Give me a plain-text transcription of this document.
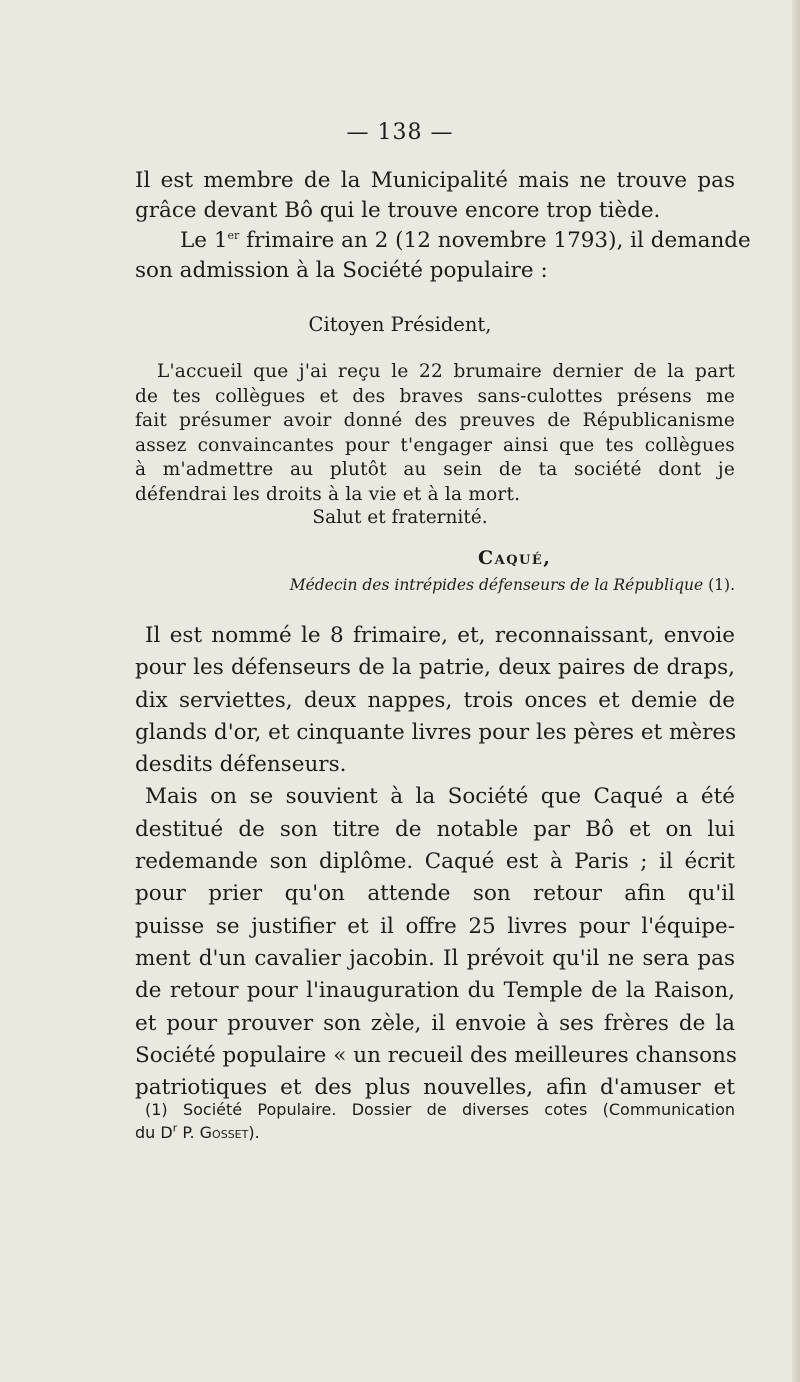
— 138 —
Il est membre de la Municipalité mais ne trouve pas
grâce devant Bô qui le trouve encore trop tiède.
Le 1er frimaire an 2 (12 novembre 1793), il demande
son admission à la Société populaire :
Citoyen Président,
L'accueil que j'ai reçu le 22 brumaire dernier de la part
de tes collègues et des braves sans-culottes présens me
fait présumer avoir donné des preuves de Républicanisme
assez convaincantes pour t'engager ainsi que tes collègues
à m'admettre au plutôt au sein de ta société dont je
défendrai les droits à la vie et à la mort.
Salut et fraternité.
Caqué,
Médecin des intrépides défenseurs de la République (1).
Il est nommé le 8 frimaire, et, reconnaissant, envoie
pour les défenseurs de la patrie, deux paires de draps,
dix serviettes, deux nappes, trois onces et demie de
glands d'or, et cinquante livres pour les pères et mères
desdits défenseurs.
Mais on se souvient à la Société que Caqué a été
destitué de son titre de notable par Bô et on lui
redemande son diplôme. Caqué est à Paris ; il écrit
pour prier qu'on attende son retour afin qu'il
puisse se justifier et il offre 25 livres pour l'équipe-
ment d'un cavalier jacobin. Il prévoit qu'il ne sera pas
de retour pour l'inauguration du Temple de la Raison,
et pour prouver son zèle, il envoie à ses frères de la
Société populaire « un recueil des meilleures chansons
patriotiques et des plus nouvelles, afin d'amuser et
(1) Société Populaire. Dossier de diverses cotes (Communication
du $D^r$ P. Gosset).
